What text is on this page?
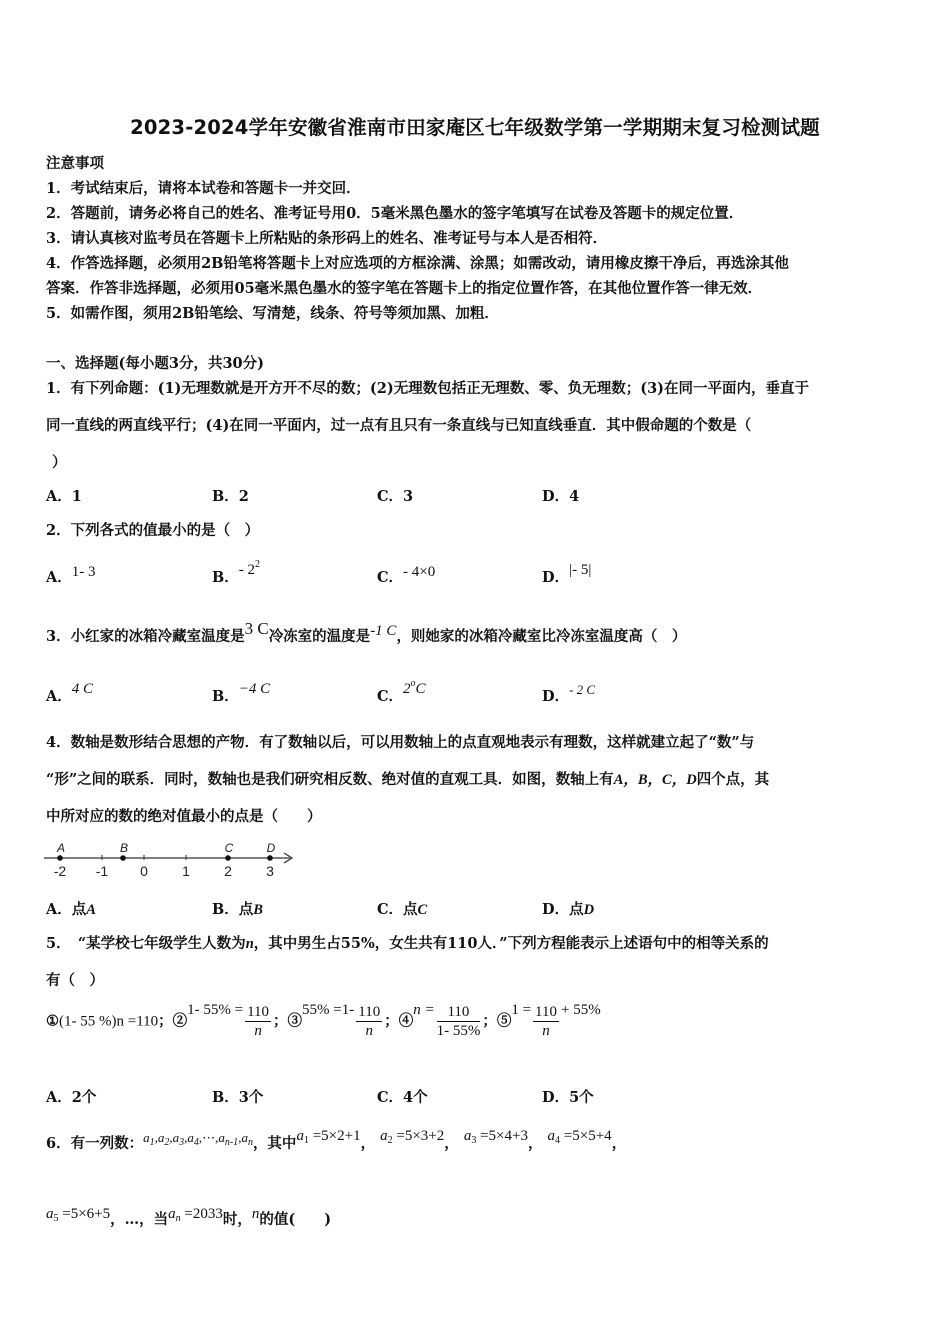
2023-2024学年安徽省淮南市田家庵区七年级数学第一学期期末复习检测试题
注意事项
1．考试结束后，请将本试卷和答题卡一并交回．
2．答题前，请务必将自己的姓名、准考证号用0．5毫米黑色墨水的签字笔填写在试卷及答题卡的规定位置．
3．请认真核对监考员在答题卡上所粘贴的条形码上的姓名、准考证号与本人是否相符．
4．作答选择题，必须用2B铅笔将答题卡上对应选项的方框涂满、涂黑；如需改动，请用橡皮擦干净后，再选涂其他
答案．作答非选择题，必须用05毫米黑色墨水的签字笔在答题卡上的指定位置作答，在其他位置作答一律无效．
5．如需作图，须用2B铅笔绘、写清楚，线条、符号等须加黑、加粗．
一、选择题(每小题3分，共30分)
1．有下列命题：(1)无理数就是开方开不尽的数；(2)无理数包括正无理数、零、负无理数；(3)在同一平面内，垂直于
同一直线的两直线平行；(4)在同一平面内，过一点有且只有一条直线与已知直线垂直．其中假命题的个数是（
）
A．1	B．2	C．3	D．4
2．下列各式的值最小的是（　）
A．1- 3	B．- $2^2$
C．- 4×0	D．|- 5|
3．小红家的冰箱冷藏室温度是3 C冷冻室的温度是-1 C，则她家的冰箱冷藏室比冷冻室温度高（　）
A．4 C	B．−4 C	C．2$^o$C	D．- 2 C
4．数轴是数形结合思想的产物．有了数轴以后，可以用数轴上的点直观地表示有理数，这样就建立起了“数”与
“形”之间的联系．同时，数轴也是我们研究相反数、绝对值的直观工具．如图，数轴上有A，B，C，D四个点，其
中所对应的数的绝对值最小的点是（　　）
-2 -1 0 1 2 3
A	B	C	D
A．点A	B．点B	C．点C	D．点D
5．　“某学校七年级学生人数为n，其中男生占55%，女生共有110人．”下列方程能表示上述语句中的相等关系的
有（　）
①(1- 55 %)n =110；②1- $55\% = \frac{110}{n}$ ；③55% $=1- \frac{110}{n}$ ；④n = $\frac{110}{1- 55\%}$ ；⑤1 = $\frac{110}{n} + 55\%$
A．2个	B．3个	C．4个	D．5个
6．有一列数：$a_1,a_2,a_3,a_4,\cdots,a_{n-1},a_n$，其中$a_1 =5\times 2+1$， $a_2 =5\times 3+2$， $a_3 =5\times 4+3$， $a_4 =5\times 5+4$，
$a_5 =5\times 6+5$，…，当$a_n =2033$时，n的值(　　)
